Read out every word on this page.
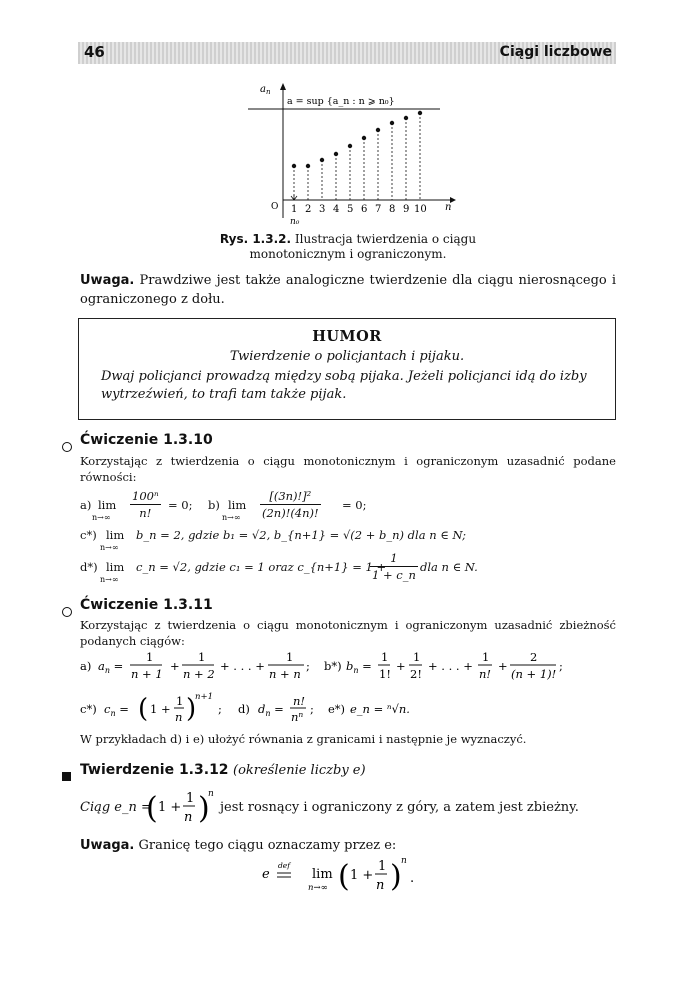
46	Ciągi liczbowe
$a_n$
a = sup {a_n : n ⩾ n₀}
O	n
n₀
1 2 3 4 5 6 7 8 9 10
Rys. 1.3.2. Ilustracja twierdzenia o ciągu
monotonicznym i ograniczonym.
Uwaga. Prawdziwe jest także analogiczne twierdzenie dla ciągu nierosnącego i ograniczonego z dołu.
HUMOR
Twierdzenie o policjantach i pijaku.
Dwaj policjanci prowadzą między sobą pijaka. Jeżeli policjanci idą do izby wytrzeźwień, to trafi tam także pijak.
Ćwiczenie 1.3.10
Korzystając z twierdzenia o ciągu monotonicznym i ograniczonym uzasadnić podane równości:
a) lim
$n\to\infty \frac{\text{100ⁿ}}{n!} = 0$; b) lim
$n\to\infty \frac{\text{[(3n)!]²}}{(2n)!(4n)!} = 0$;
c*) lim
n→∞
b_n = 2, gdzie b₁ = √2, b_{n+1} = √(2 + b_n) dla n ∈ N;
d*) lim
n→∞
c_n = √2, gdzie c₁ = 1 oraz c_{n+1} = 1 +
$\frac{1}{1 + c\_n}$ dla n ∈ N.
Ćwiczenie 1.3.11
Korzystając z twierdzenia o ciągu monotonicznym i ograniczonym uzasadnić zbieżność podanych ciągów:
a) $a_n$ =
1
n + 1
+
1
n + 2
+ . . . +
1
n + n
; b*) $b_n$ =
1
1!
+
1
2!
+ . . . +
1
n!
+
2
(n + 1)!
;
c*) $c_n$ = ( 1 +
1
n )
n+1
; d) $d_n$ =
n!
$n^n$ ; e*) e_n = ⁿ√n.
W przykładach d) i e) ułożyć równania z granicami i następnie je wyznaczyć.
Twierdzenie 1.3.12 (określenie liczby e)
Ciąg e_n =
( 1 +
1
n )
n
jest rosnący i ograniczony z góry, a zatem jest zbieżny.
Uwaga. Granicę tego ciągu oznaczamy przez e:
e
def
lim
n→∞ ( 1 +
1
n ) n
.
